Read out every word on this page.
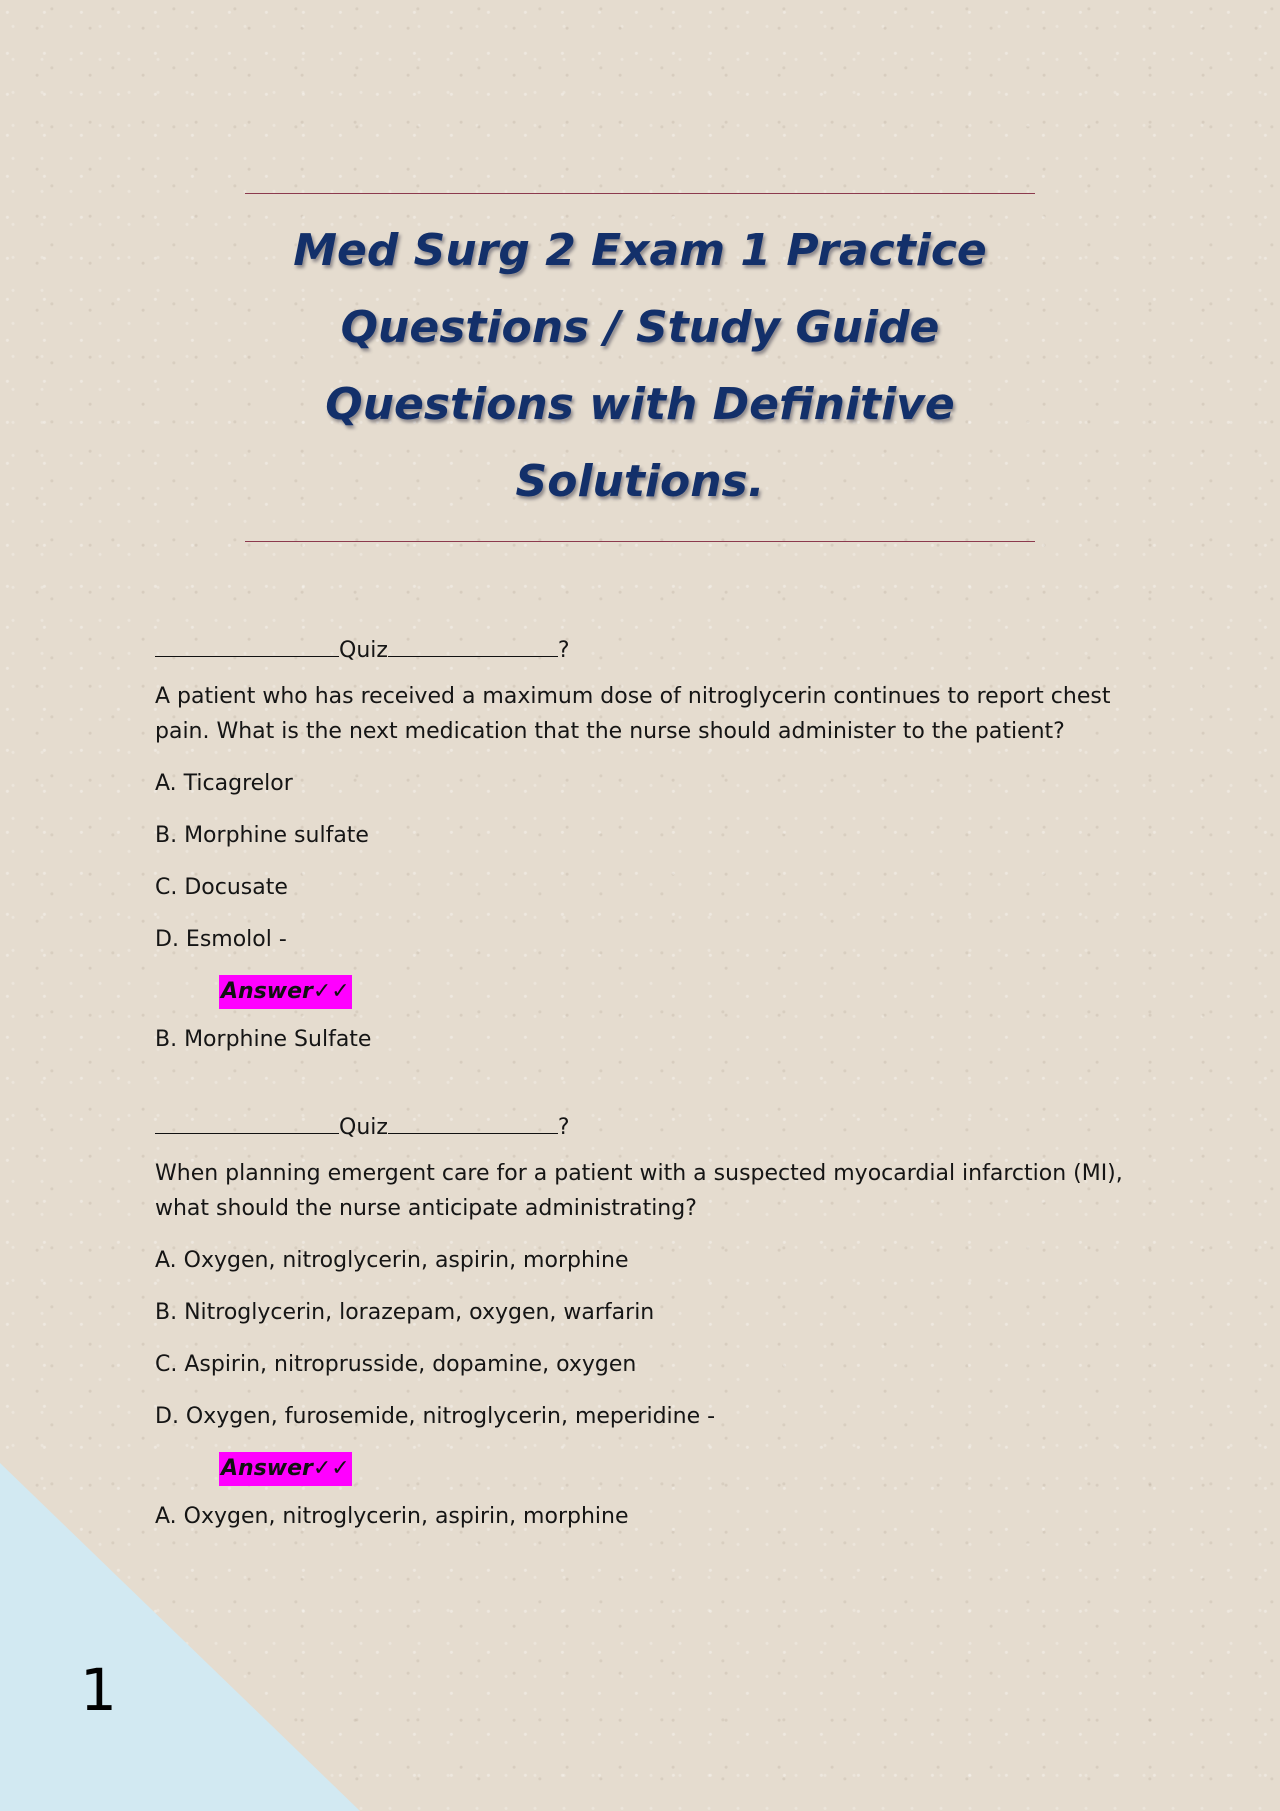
Med Surg 2 Exam 1 Practice
Questions / Study Guide
Questions with Definitive
Solutions.
Quiz	?

A patient who has received a maximum dose of nitroglycerin continues to report chest pain. What is the next medication that the nurse should administer to the patient?

A. Ticagrelor
B. Morphine sulfate
C. Docusate
D. Esmolol -
Answer✓✓

B. Morphine Sulfate

Quiz	?

When planning emergent care for a patient with a suspected myocardial infarction (MI), what should the nurse anticipate administrating?

A. Oxygen, nitroglycerin, aspirin, morphine
B. Nitroglycerin, lorazepam, oxygen, warfarin
C. Aspirin, nitroprusside, dopamine, oxygen
D. Oxygen, furosemide, nitroglycerin, meperidine -
Answer✓✓

A. Oxygen, nitroglycerin, aspirin, morphine

1
